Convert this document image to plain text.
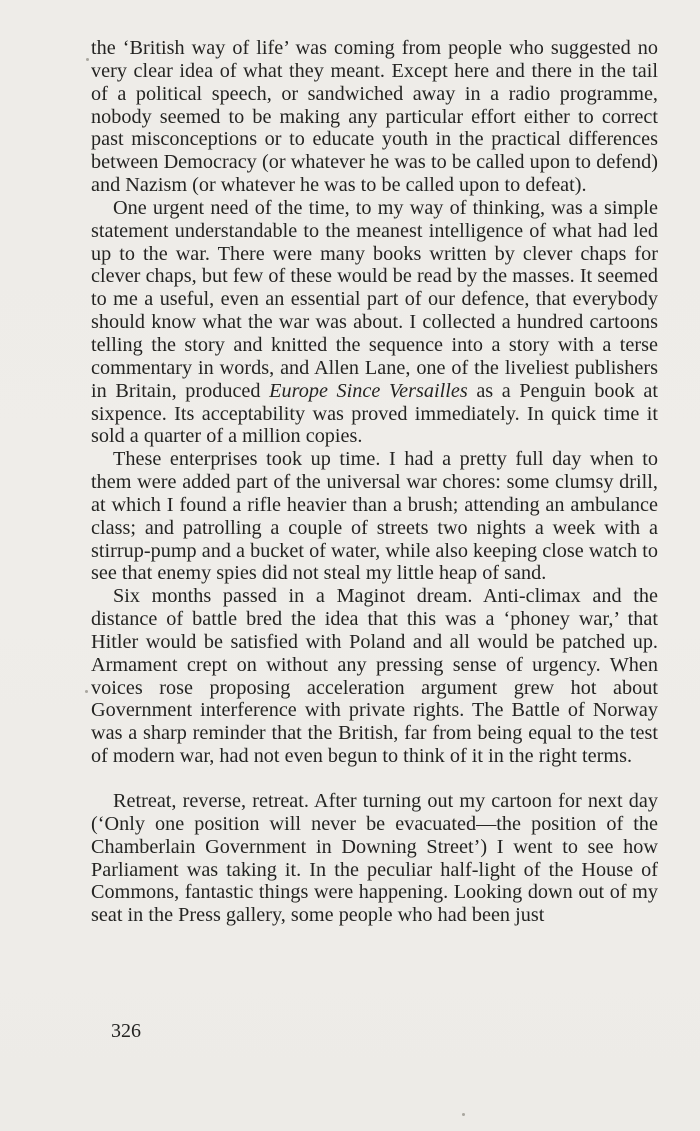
the ‘British way of life’ was coming from people who suggested no very clear idea of what they meant. Except here and there in the tail of a political speech, or sandwiched away in a radio programme, nobody seemed to be making any particular effort either to correct past misconceptions or to educate youth in the practical differences between Democracy (or whatever he was to be called upon to defend) and Nazism (or whatever he was to be called upon to defeat).

One urgent need of the time, to my way of thinking, was a simple statement understandable to the meanest intelligence of what had led up to the war. There were many books written by clever chaps for clever chaps, but few of these would be read by the masses. It seemed to me a useful, even an essential part of our defence, that everybody should know what the war was about. I collected a hundred cartoons telling the story and knitted the sequence into a story with a terse commentary in words, and Allen Lane, one of the liveliest publishers in Britain, produced Europe Since Versailles as a Penguin book at sixpence. Its acceptability was proved immediately. In quick time it sold a quarter of a million copies.

These enterprises took up time. I had a pretty full day when to them were added part of the universal war chores: some clumsy drill, at which I found a rifle heavier than a brush; attending an ambulance class; and patrolling a couple of streets two nights a week with a stirrup-pump and a bucket of water, while also keeping close watch to see that enemy spies did not steal my little heap of sand.

Six months passed in a Maginot dream. Anti-climax and the distance of battle bred the idea that this was a ‘phoney war,’ that Hitler would be satisfied with Poland and all would be patched up. Armament crept on without any pressing sense of urgency. When voices rose proposing acceleration argument grew hot about Government interference with private rights. The Battle of Norway was a sharp reminder that the British, far from being equal to the test of modern war, had not even begun to think of it in the right terms.

Retreat, reverse, retreat. After turning out my cartoon for next day (‘Only one position will never be evacuated—the position of the Chamberlain Government in Downing Street’) I went to see how Parliament was taking it. In the peculiar half-light of the House of Commons, fantastic things were happening. Looking down out of my seat in the Press gallery, some people who had been just

326
